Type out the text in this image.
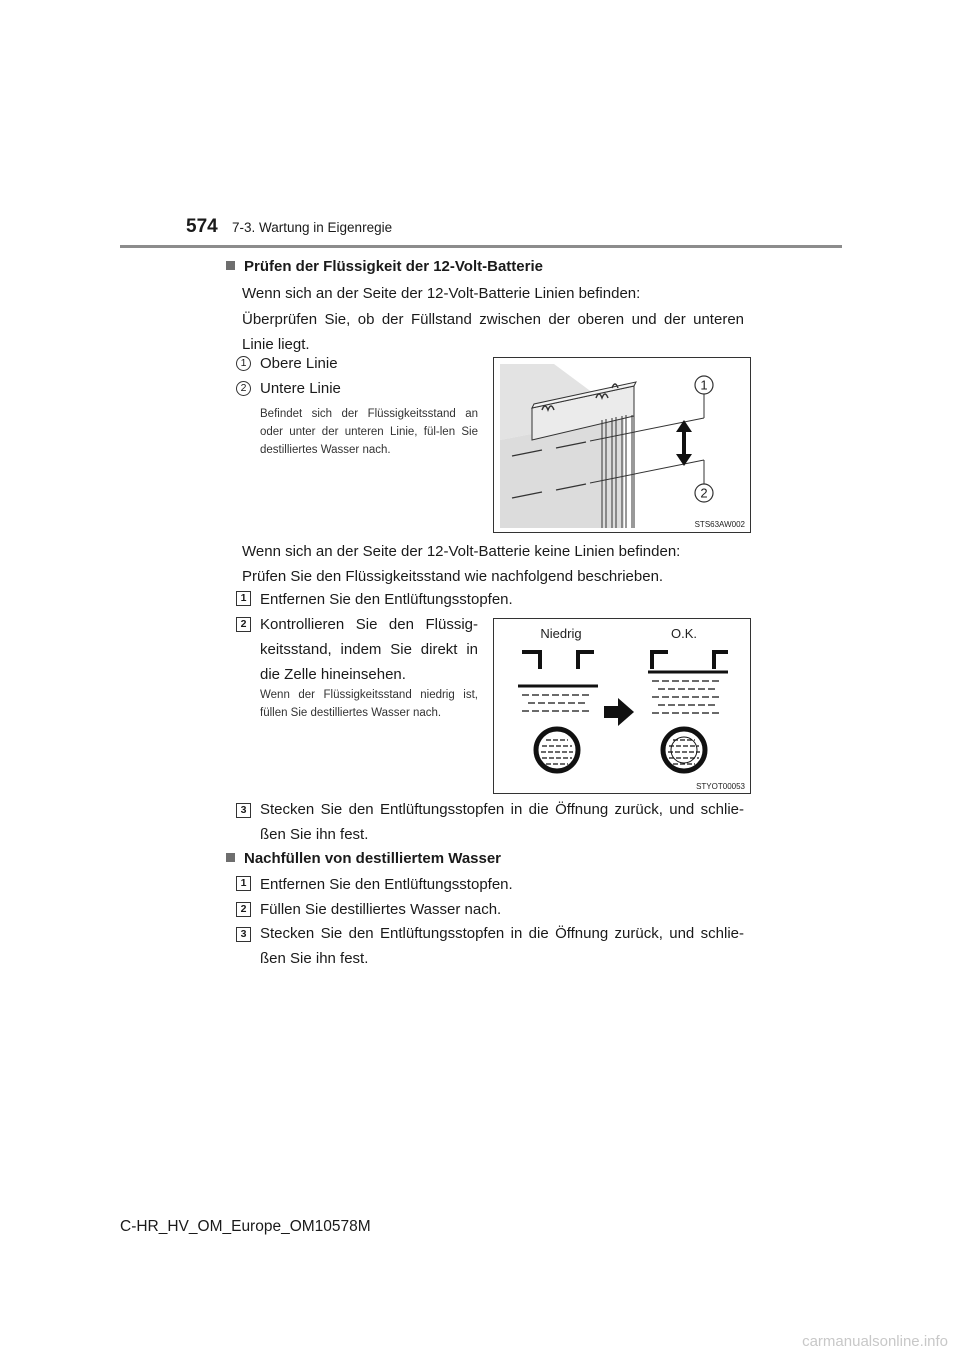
574 7-3. Wartung in Eigenregie
Prüfen der Flüssigkeit der 12-Volt-Batterie
Wenn sich an der Seite der 12-Volt-Batterie Linien befinden:
Überprüfen Sie, ob der Füllstand zwischen der oberen und der unteren Linie liegt.
1 Obere Linie
2 Untere Linie
Befindet sich der Flüssigkeitsstand an oder unter der unteren Linie, fül-len Sie destilliertes Wasser nach.
1
2
STS63AW002
Wenn sich an der Seite der 12-Volt-Batterie keine Linien befinden:
Prüfen Sie den Flüssigkeitsstand wie nachfolgend beschrieben.
1 Entfernen Sie den Entlüftungsstopfen.
2 Kontrollieren Sie den Flüssig-keitsstand, indem Sie direkt in die Zelle hineinsehen.
Wenn der Flüssigkeitsstand niedrig ist, füllen Sie destilliertes Wasser nach.
Niedrig	O.K.
STYOT00053
3 Stecken Sie den Entlüftungsstopfen in die Öffnung zurück, und schlie-ßen Sie ihn fest.
Nachfüllen von destilliertem Wasser
1 Entfernen Sie den Entlüftungsstopfen.
2 Füllen Sie destilliertes Wasser nach.
3 Stecken Sie den Entlüftungsstopfen in die Öffnung zurück, und schlie-ßen Sie ihn fest.
C-HR_HV_OM_Europe_OM10578M
carmanualsonline.info
